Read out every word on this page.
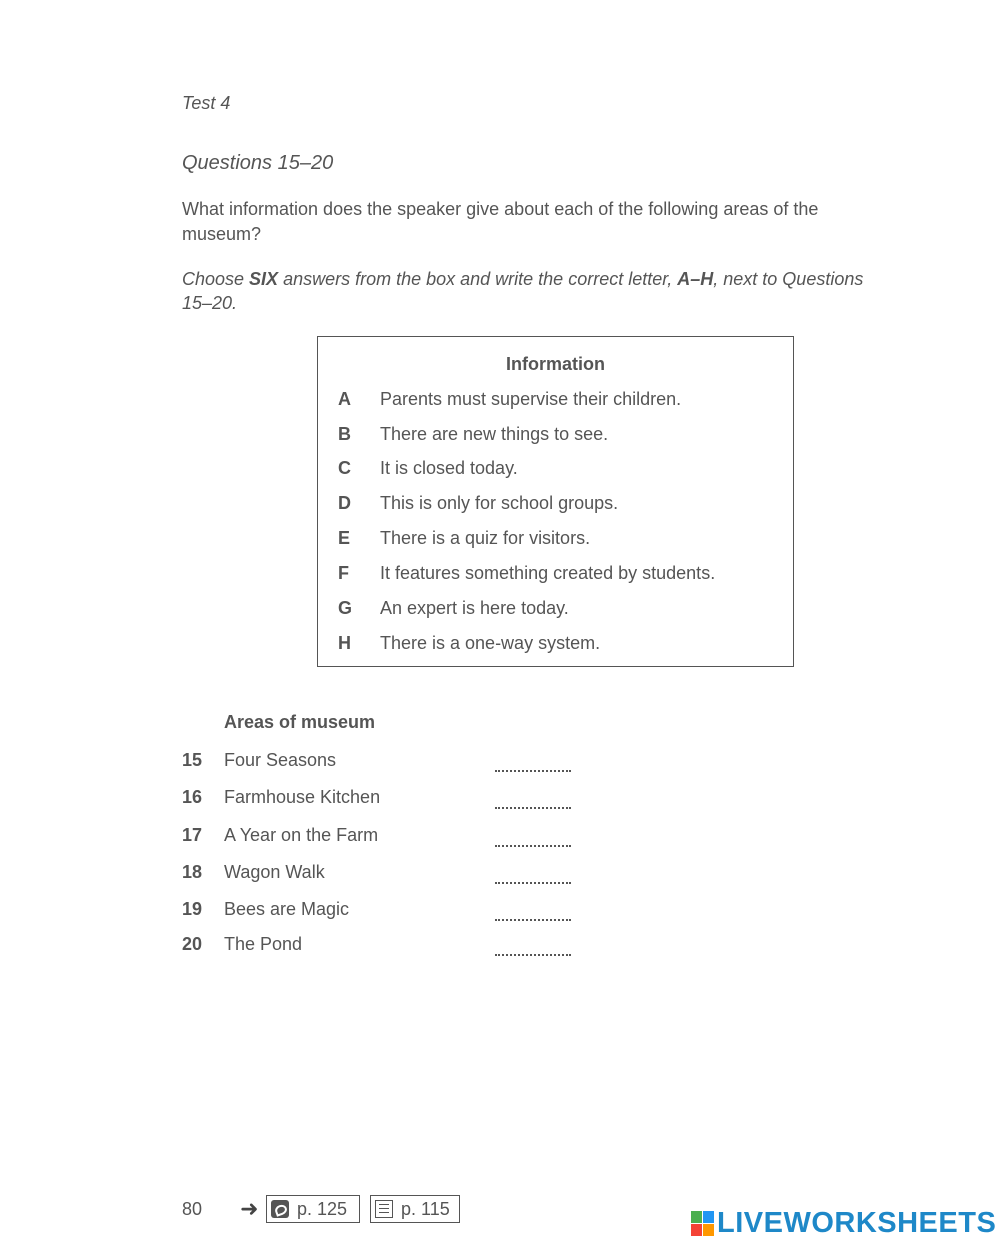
Test 4
Questions 15–20
What information does the speaker give about each of the following areas of the museum?
Choose SIX answers from the box and write the correct letter, A–H, next to Questions 15–20.
Information
A	Parents must supervise their children.
B	There are new things to see.
C	It is closed today.
D	This is only for school groups.
E	There is a quiz for visitors.
F	It features something created by students.
G	An expert is here today.
H	There is a one-way system.
Areas of museum
15 Four Seasons
16 Farmhouse Kitchen
17 A Year on the Farm
18 Wagon Walk
19 Bees are Magic
20 The Pond
80 ➜ p. 125	p. 115	LIVEWORKSHEETS
